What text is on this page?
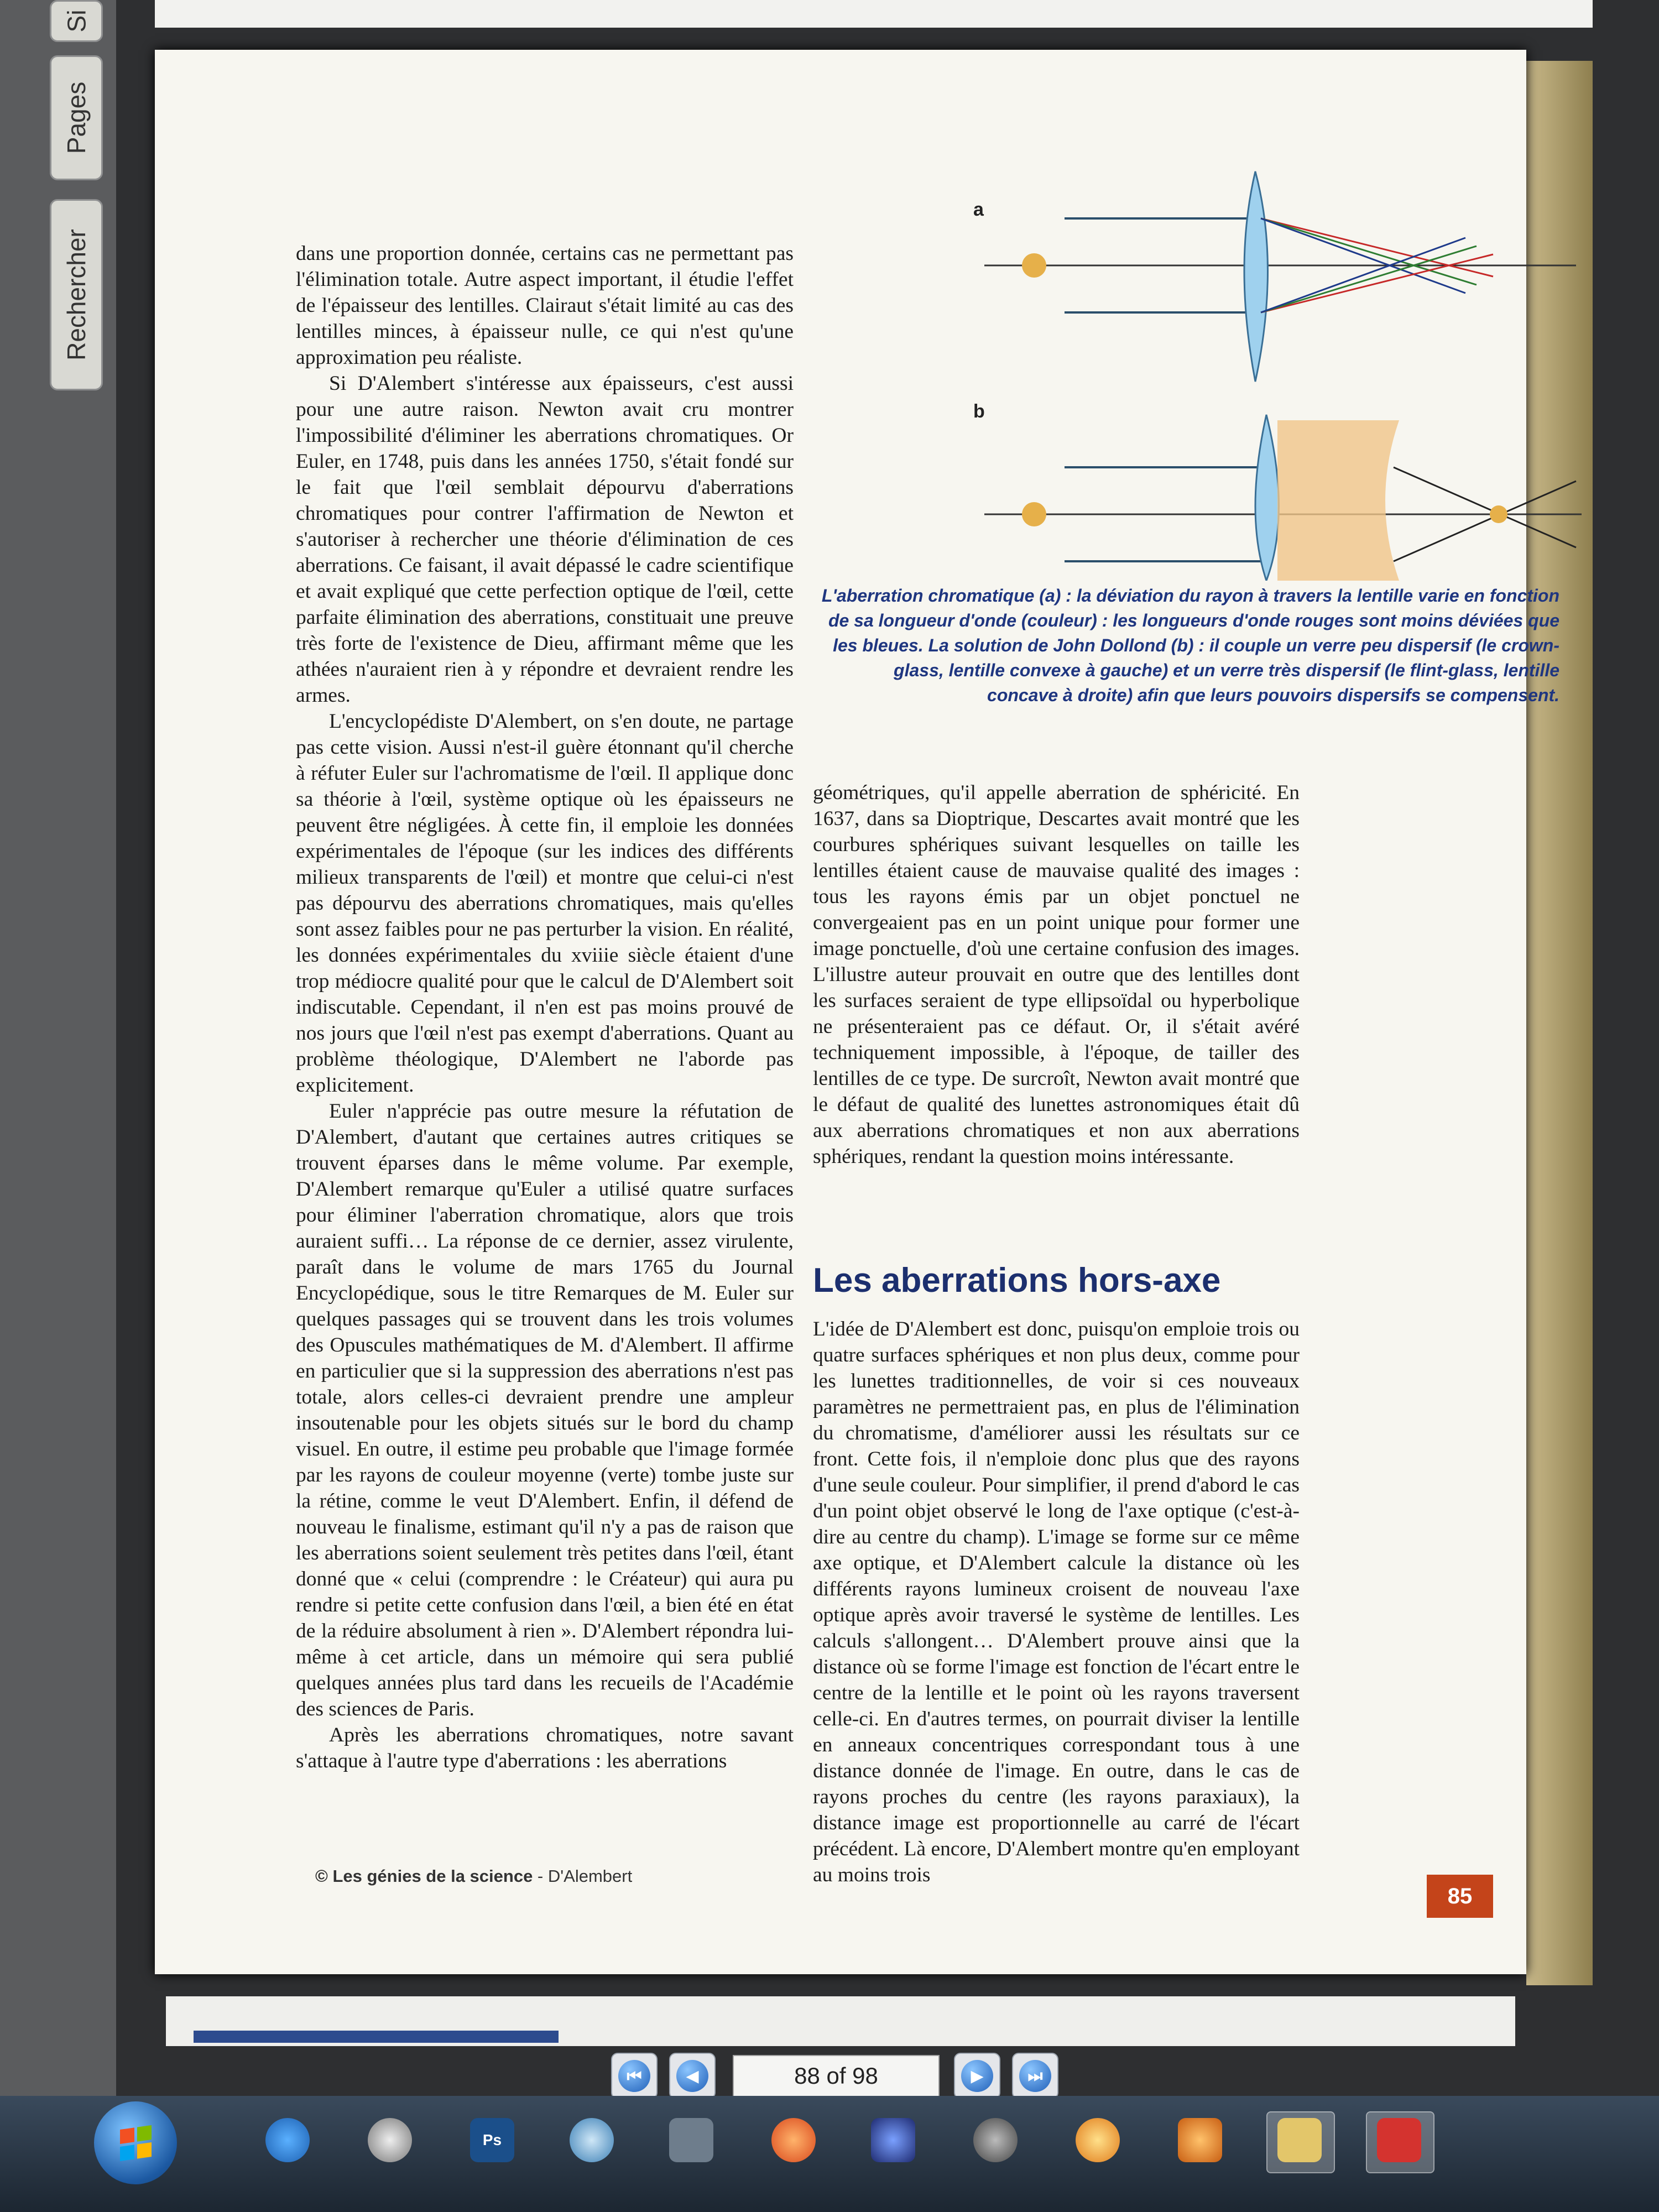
Si
Pages
Rechercher
a
b
L'aberration chromatique (a) : la déviation du rayon à travers la lentille varie en fonction de sa longueur d'onde (couleur) : les longueurs d'onde rouges sont moins déviées que les bleues. La solution de John Dollond (b) : il couple un verre peu dispersif (le crown-glass, lentille convexe à gauche) et un verre très dispersif (le flint-glass, lentille concave à droite) afin que leurs pouvoirs dispersifs se compensent.

dans une proportion donnée, certains cas ne permettant pas l'élimination totale. Autre aspect important, il étudie l'effet de l'épaisseur des lentilles. Clairaut s'était limité au cas des lentilles minces, à épaisseur nulle, ce qui n'est qu'une approximation peu réaliste.

Si D'Alembert s'intéresse aux épaisseurs, c'est aussi pour une autre raison. Newton avait cru montrer l'impossibilité d'éliminer les aberrations chromatiques. Or Euler, en 1748, puis dans les années 1750, s'était fondé sur le fait que l'œil semblait dépourvu d'aberrations chromatiques pour contrer l'affirmation de Newton et s'autoriser à rechercher une théorie d'élimination de ces aberrations. Ce faisant, il avait dépassé le cadre scientifique et avait expliqué que cette perfection optique de l'œil, cette parfaite élimination des aberrations, constituait une preuve très forte de l'existence de Dieu, affirmant même que les athées n'auraient rien à y répondre et devraient rendre les armes.

L'encyclopédiste D'Alembert, on s'en doute, ne partage pas cette vision. Aussi n'est-il guère étonnant qu'il cherche à réfuter Euler sur l'achromatisme de l'œil. Il applique donc sa théorie à l'œil, système optique où les épaisseurs ne peuvent être négligées. À cette fin, il emploie les données expérimentales de l'époque (sur les indices des différents milieux transparents de l'œil) et montre que celui-ci n'est pas dépourvu des aberrations chromatiques, mais qu'elles sont assez faibles pour ne pas perturber la vision. En réalité, les données expérimentales du xviiie siècle étaient d'une trop médiocre qualité pour que le calcul de D'Alembert soit indiscutable. Cependant, il n'en est pas moins prouvé de nos jours que l'œil n'est pas exempt d'aberrations. Quant au problème théologique, D'Alembert ne l'aborde pas explicitement.

Euler n'apprécie pas outre mesure la réfutation de D'Alembert, d'autant que certaines autres critiques se trouvent éparses dans le même volume. Par exemple, D'Alembert remarque qu'Euler a utilisé quatre surfaces pour éliminer l'aberration chromatique, alors que trois auraient suffi… La réponse de ce dernier, assez virulente, paraît dans le volume de mars 1765 du Journal Encyclopédique, sous le titre Remarques de M. Euler sur quelques passages qui se trouvent dans les trois volumes des Opuscules mathématiques de M. d'Alembert. Il affirme en particulier que si la suppression des aberrations n'est pas totale, alors celles-ci devraient prendre une ampleur insoutenable pour les objets situés sur le bord du champ visuel. En outre, il estime peu probable que l'image formée par les rayons de couleur moyenne (verte) tombe juste sur la rétine, comme le veut D'Alembert. Enfin, il défend de nouveau le finalisme, estimant qu'il n'y a pas de raison que les aberrations soient seulement très petites dans l'œil, étant donné que « celui (comprendre : le Créateur) qui aura pu rendre si petite cette confusion dans l'œil, a bien été en état de la réduire absolument à rien ». D'Alembert répondra lui-même à cet article, dans un mémoire qui sera publié quelques années plus tard dans les recueils de l'Académie des sciences de Paris.

Après les aberrations chromatiques, notre savant s'attaque à l'autre type d'aberrations : les aberrations

géométriques, qu'il appelle aberration de sphéricité. En 1637, dans sa Dioptrique, Descartes avait montré que les courbures sphériques suivant lesquelles on taille les lentilles étaient cause de mauvaise qualité des images : tous les rayons émis par un objet ponctuel ne convergeaient pas en un point unique pour former une image ponctuelle, d'où une certaine confusion des images. L'illustre auteur prouvait en outre que des lentilles dont les surfaces seraient de type ellipsoïdal ou hyperbolique ne présenteraient pas ce défaut. Or, il s'était avéré techniquement impossible, à l'époque, de tailler des lentilles de ce type. De surcroît, Newton avait montré que le défaut de qualité des lunettes astronomiques était dû aux aberrations chromatiques et non aux aberrations sphériques, rendant la question moins intéressante.

Les aberrations hors-axe

L'idée de D'Alembert est donc, puisqu'on emploie trois ou quatre surfaces sphériques et non plus deux, comme pour les lunettes traditionnelles, de voir si ces nouveaux paramètres ne permettraient pas, en plus de l'élimination du chromatisme, d'améliorer aussi les résultats sur ce front. Cette fois, il n'emploie donc plus que des rayons d'une seule couleur. Pour simplifier, il prend d'abord le cas d'un point objet observé le long de l'axe optique (c'est-à-dire au centre du champ). L'image se forme sur ce même axe optique, et D'Alembert calcule la distance où les différents rayons lumineux croisent de nouveau l'axe optique après avoir traversé le système de lentilles. Les calculs s'allongent… D'Alembert prouve ainsi que la distance où se forme l'image est fonction de l'écart entre le centre de la lentille et le point où les rayons traversent celle-ci. En d'autres termes, on pourrait diviser la lentille en anneaux concentriques correspondant tous à une distance donnée de l'image. En outre, dans le cas de rayons proches du centre (les rayons paraxiaux), la distance image est proportionnelle au carré de l'écart précédent. Là encore, D'Alembert montre qu'en employant au moins trois

© Les génies de la science - D'Alembert
85
⏮	◀	88 of 98	▶	⏭
Ps
